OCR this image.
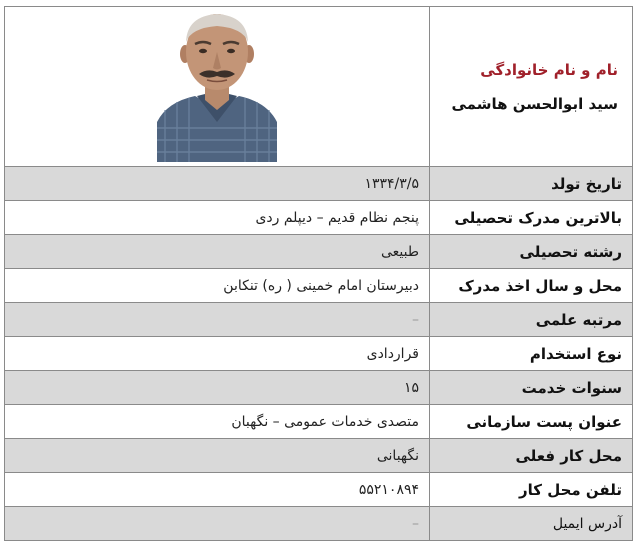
نام و نام خانوادگی
سید ابوالحسن هاشمی

تاریخ تولد	۱۳۳۴/۳/۵
بالاترین مدرک تحصیلی	پنجم نظام قدیم – دیپلم ردی
رشته تحصیلی	طبیعی
محل و سال اخذ مدرک	دبیرستان امام خمینی ( ره) تنکابن
مرتبه علمی	–
نوع استخدام	قراردادی
سنوات خدمت	۱۵
عنوان پست سازمانی	متصدی خدمات عمومی – نگهبان
محل کار فعلی	نگهبانی
تلفن محل کار	۵۵۲۱۰۸۹۴
آدرس ایمیل	–
